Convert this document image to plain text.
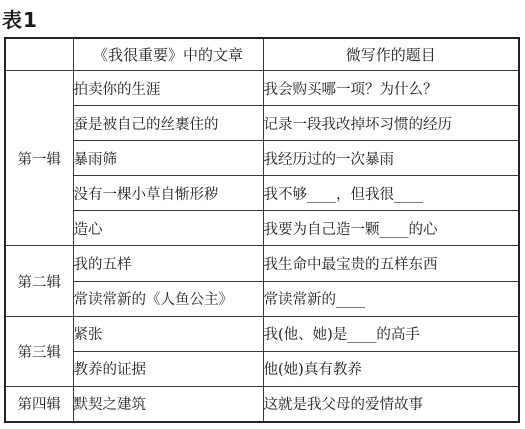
表1
	《我很重要》中的文章	微写作的题目
第一辑	拍卖你的生涯	我会购买哪一项？为什么？
	蚕是被自己的丝裹住的	记录一段我改掉坏习惯的经历
	暴雨筛	我经历过的一次暴雨
	没有一棵小草自惭形秽	我不够____，但我很____
	造心	我要为自己造一颗____的心
第二辑	我的五样	我生命中最宝贵的五样东西
	常读常新的《人鱼公主》	常读常新的____
第三辑	紧张	我(他、她)是____的高手
	教养的证据	他(她)真有教养
第四辑	默契之建筑	这就是我父母的爱情故事
